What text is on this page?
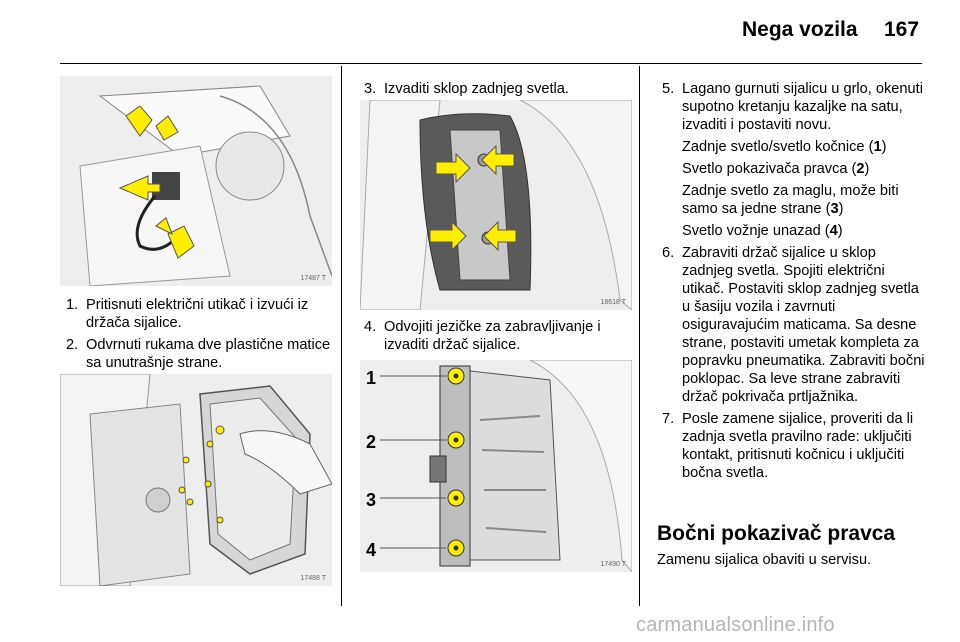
Nega vozila 167
17487 T
1. Pritisnuti električni utikač i izvući iz držača sijalice.

2. Odvrnuti rukama dve plastične matice sa unutrašnje strane.

17488 T
3. Izvaditi sklop zadnjeg svetla.

18618 T
4. Odvojiti jezičke za zabravljivanje i izvaditi držač sijalice.

1
2
3
4
17490 T
5. Lagano gurnuti sijalicu u grlo, okenuti supotno kretanju kazaljke na satu, izvaditi i postaviti novu.

Zadnje svetlo/svetlo kočnice (1)

Svetlo pokazivača pravca (2)

Zadnje svetlo za maglu, može biti samo sa jedne strane (3)

Svetlo vožnje unazad (4)

6. Zabraviti držač sijalice u sklop zadnjeg svetla. Spojiti električni utikač. Postaviti sklop zadnjeg svetla u šasiju vozila i zavrnuti osiguravajućim maticama. Sa desne strane, postaviti umetak kompleta za popravku pneumatika. Zabraviti bočni poklopac. Sa leve strane zabraviti držač pokrivača prtljažnika.

7. Posle zamene sijalice, proveriti da li zadnja svetla pravilno rade: uključiti kontakt, pritisnuti kočnicu i uključiti bočna svetla.

Bočni pokazivač pravca
Zamenu sijalica obaviti u servisu.
carmanualsonline.info
